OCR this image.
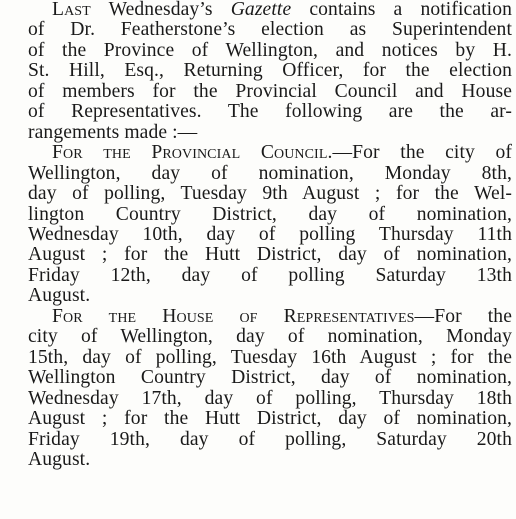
Last Wednesday’s Gazette contains a notification
of Dr. Featherstone’s election as Superintendent
of the Province of Wellington, and notices by H.
St. Hill, Esq., Returning Officer, for the election
of members for the Provincial Council and House
of Representatives. The following are the ar-
rangements made :—
For the Provincial Council.—For the city of
Wellington, day of nomination, Monday 8th,
day of polling, Tuesday 9th August ; for the Wel-
lington Country District, day of nomination,
Wednesday 10th, day of polling Thursday 11th
August ; for the Hutt District, day of nomination,
Friday 12th, day of polling Saturday 13th
August.
For the House of Representatives—For the
city of Wellington, day of nomination, Monday
15th, day of polling, Tuesday 16th August ; for the
Wellington Country District, day of nomination,
Wednesday 17th, day of polling, Thursday 18th
August ; for the Hutt District, day of nomination,
Friday 19th, day of polling, Saturday 20th
August.
